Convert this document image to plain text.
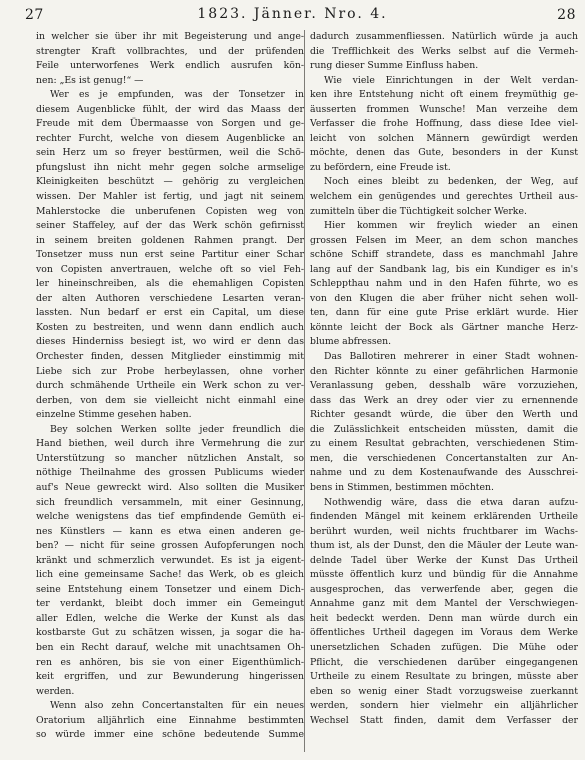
27	1823. Jänner. Nro. 4.	28

in welcher sie über ihr mit Begeisterung und ange-
strengter Kraft vollbrachtes, und der prüfenden
Feile unterworfenes Werk endlich ausrufen kön-

nen: „Es ist genug!“ —

Wer es je empfunden, was der Tonsetzer in

diesem Augenblicke fühlt, der wird das Maass der
Freude mit dem Übermaasse von Sorgen und ge-
rechter Furcht, welche von diesem Augenblicke an
sein Herz um so freyer bestürmen, weil die Schö-
pfungslust ihn nicht mehr gegen solche armselige
Kleinigkeiten beschützt — gehörig zu vergleichen
wissen. Der Mahler ist fertig, und jagt nit seinem
Mahlerstocke die unberufenen Copisten weg von
seiner Staffeley, auf der das Werk schön gefirnisst
in seinem breiten goldenen Rahmen prangt. Der
Tonsetzer muss nun erst seine Partitur einer Schar
von Copisten anvertrauen, welche oft so viel Feh-
ler hineinschreiben, als die ehemahligen Copisten
der alten Authoren verschiedene Lesarten veran-
lassten. Nun bedarf er erst ein Capital, um diese
Kosten zu bestreiten, und wenn dann endlich auch
dieses Hinderniss besiegt ist, wo wird er denn das
Orchester finden, dessen Mitglieder einstimmig mit
Liebe sich zur Probe herbeylassen, ohne vorher
durch schmähende Urtheile ein Werk schon zu ver-
derben, von dem sie vielleicht nicht einmahl eine

einzelne Stimme gesehen haben.

Bey solchen Werken sollte jeder freundlich die

Hand biethen, weil durch ihre Vermehrung die zur
Unterstützung so mancher nützlichen Anstalt, so
nöthige Theilnahme des grossen Publicums wieder
auf's Neue gewreckt wird. Also sollten die Musiker
sich freundlich versammeln, mit einer Gesinnung,
welche wenigstens das tief empfindende Gemüth ei-
nes Künstlers — kann es etwa einen anderen ge-
ben? — nicht für seine grossen Aufopferungen noch
kränkt und schmerzlich verwundet. Es ist ja eigent-
lich eine gemeinsame Sache! das Werk, ob es gleich
seine Entstehung einem Tonsetzer und einem Dich-
ter verdankt, bleibt doch immer ein Gemeingut
aller Edlen, welche die Werke der Kunst als das
kostbarste Gut zu schätzen wissen, ja sogar die ha-
ben ein Recht darauf, welche mit unachtsamen Oh-
ren es anhören, bis sie von einer Eigenthümlich-
keit ergriffen, und zur Bewunderung hingerissen

werden.

Wenn also zehn Concertanstalten für ein neues

Oratorium alljährlich eine Einnahme bestimmten
so würde immer eine schöne bedeutende Summe

dadurch zusammenfliessen. Natürlich würde ja auch
die Trefflichkeit des Werks selbst auf die Vermeh-

rung dieser Summe Einfluss haben.

Wie viele Einrichtungen in der Welt verdan-

ken ihre Entstehung nicht oft einem freymüthig ge-
äusserten frommen Wunsche! Man verzeihe dem
Verfasser die frohe Hoffnung, dass diese Idee viel-
leicht von solchen Männern gewürdigt werden
möchte, denen das Gute, besonders in der Kunst

zu befördern, eine Freude ist.

Noch eines bleibt zu bedenken, der Weg, auf

welchem ein genügendes und gerechtes Urtheil aus-

zumitteln über die Tüchtigkeit solcher Werke.

Hier kommen wir freylich wieder an einen

grossen Felsen im Meer, an dem schon manches
schöne Schiff strandete, dass es manchmahl Jahre
lang auf der Sandbank lag, bis ein Kundiger es in's
Schleppthau nahm und in den Hafen führte, wo es
von den Klugen die aber früher nicht sehen woll-
ten, dann für eine gute Prise erklärt wurde. Hier
könnte leicht der Bock als Gärtner manche Herz-

blume abfressen.

Das Ballotiren mehrerer in einer Stadt wohnen-

den Richter könnte zu einer gefährlichen Harmonie
Veranlassung geben, desshalb wäre vorzuziehen,
dass das Werk an drey oder vier zu ernennende
Richter gesandt würde, die über den Werth und
die Zulässlichkeit entscheiden müssten, damit die
zu einem Resultat gebrachten, verschiedenen Stim-
men, die verschiedenen Concertanstalten zur An-
nahme und zu dem Kostenaufwande des Ausschrei-

bens in Stimmen, bestimmen möchten.

Nothwendig wäre, dass die etwa daran aufzu-

findenden Mängel mit keinem erklärenden Urtheile
berührt wurden, weil nichts fruchtbarer im Wachs-
thum ist, als der Dunst, den die Mäuler der Leute wan-
delnde Tadel über Werke der Kunst Das Urtheil
müsste öffentlich kurz und bündig für die Annahme
ausgesprochen, das verwerfende aber, gegen die
Annahme ganz mit dem Mantel der Verschwiegen-
heit bedeckt werden. Denn man würde durch ein
öffentliches Urtheil dagegen im Voraus dem Werke
unersetzlichen Schaden zufügen. Die Mühe oder
Pflicht, die verschiedenen darüber eingegangenen
Urtheile zu einem Resultate zu bringen, müsste aber
eben so wenig einer Stadt vorzugsweise zuerkannt
werden, sondern hier vielmehr ein alljährlicher
Wechsel Statt finden, damit dem Verfasser der
